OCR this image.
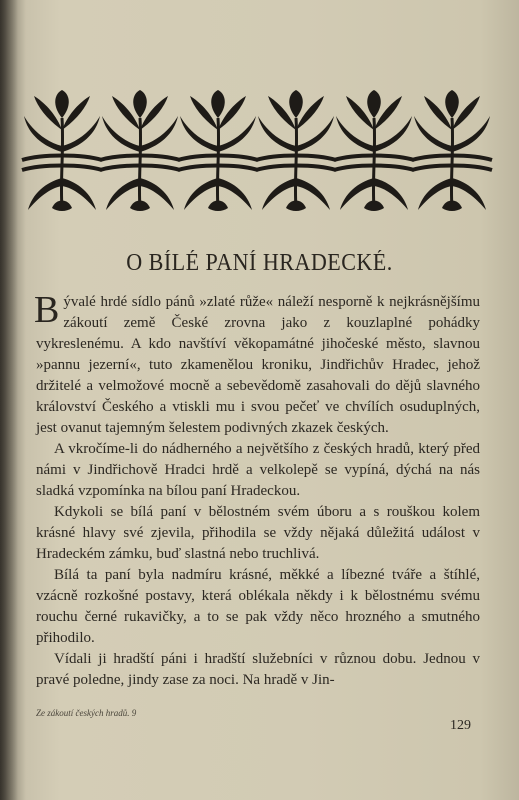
O BÍLÉ PANÍ HRADECKÉ.

Bývalé hrdé sídlo pánů »zlaté růže« náleží nesporně k nejkrásnějšímu zákoutí země České zrovna jako z kouzlaplné pohádky vykreslenému. A kdo navštíví věkopamátné jihočeské město, slavnou »pannu jezerní«, tuto zkamenělou kroniku, Jindřichův Hradec, jehož držitelé a velmožové mocně a sebevědomě zasahovali do dějů slavného království Českého a vtiskli mu i svou pečeť ve chvílích osuduplných, jest ovanut tajemným šelestem podivných zkazek českých.

A vkročíme-li do nádherného a největšího z českých hradů, který před námi v Jindřichově Hradci hrdě a velkolepě se vypíná, dýchá na nás sladká vzpomínka na bílou paní Hradeckou.

Kdykoli se bílá paní v bělostném svém úboru a s rouškou kolem krásné hlavy své zjevila, přihodila se vždy nějaká důležitá událost v Hradeckém zámku, buď slastná nebo truchlivá.

Bílá ta paní byla nadmíru krásné, měkké a líbezné tváře a štíhlé, vzácně rozkošné postavy, která oblékala někdy i k bělostnému svému rouchu černé rukavičky, a to se pak vždy něco hrozného a smutného přihodilo.

Vídali ji hradští páni i hradští služebníci v různou dobu. Jednou v pravé poledne, jindy zase za noci. Na hradě v Jin-

Ze zákoutí českých hradů. 9
129
